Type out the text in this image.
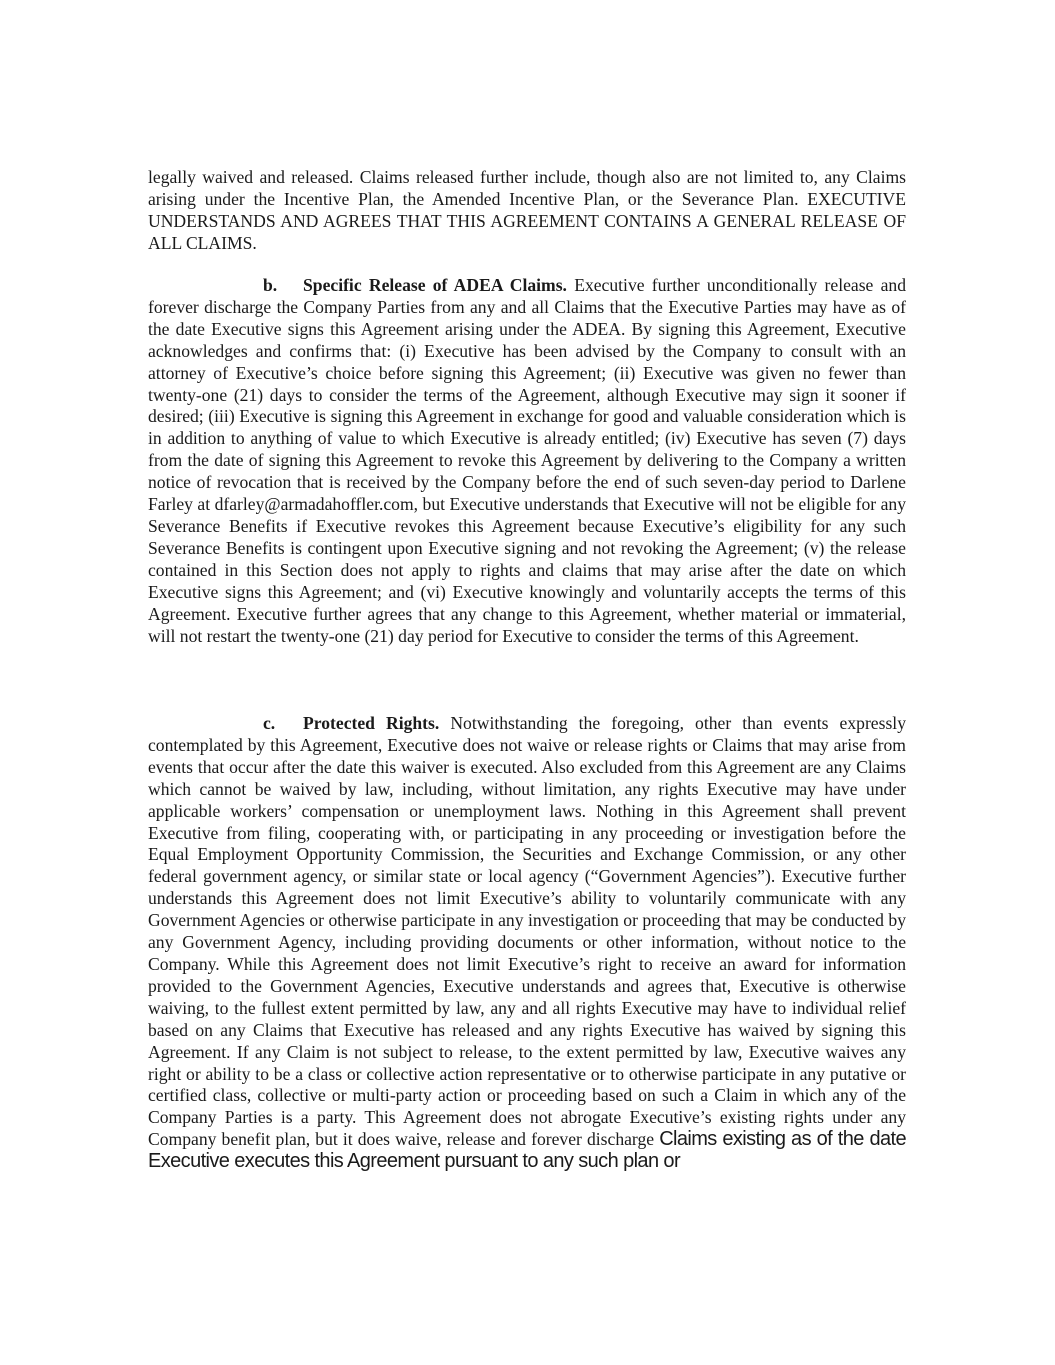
legally waived and released. Claims released further include, though also are not limited to, any Claims arising under the Incentive Plan, the Amended Incentive Plan, or the Severance Plan. EXECUTIVE UNDERSTANDS AND AGREES THAT THIS AGREEMENT CONTAINS A GENERAL RELEASE OF ALL CLAIMS.

b. Specific Release of ADEA Claims. Executive further unconditionally release and forever discharge the Company Parties from any and all Claims that the Executive Parties may have as of the date Executive signs this Agreement arising under the ADEA. By signing this Agreement, Executive acknowledges and confirms that: (i) Executive has been advised by the Company to consult with an attorney of Executive’s choice before signing this Agreement; (ii) Executive was given no fewer than twenty-one (21) days to consider the terms of the Agreement, although Executive may sign it sooner if desired; (iii) Executive is signing this Agreement in exchange for good and valuable consideration which is in addition to anything of value to which Executive is already entitled; (iv) Executive has seven (7) days from the date of signing this Agreement to revoke this Agreement by delivering to the Company a written notice of revocation that is received by the Company before the end of such seven-day period to Darlene Farley at dfarley@armadahoffler.com, but Executive understands that Executive will not be eligible for any Severance Benefits if Executive revokes this Agreement because Executive’s eligibility for any such Severance Benefits is contingent upon Executive signing and not revoking the Agreement; (v) the release contained in this Section does not apply to rights and claims that may arise after the date on which Executive signs this Agreement; and (vi) Executive knowingly and voluntarily accepts the terms of this Agreement. Executive further agrees that any change to this Agreement, whether material or immaterial, will not restart the twenty-one (21) day period for Executive to consider the terms of this Agreement.

c. Protected Rights. Notwithstanding the foregoing, other than events expressly contemplated by this Agreement, Executive does not waive or release rights or Claims that may arise from events that occur after the date this waiver is executed. Also excluded from this Agreement are any Claims which cannot be waived by law, including, without limitation, any rights Executive may have under applicable workers’ compensation or unemployment laws. Nothing in this Agreement shall prevent Executive from filing, cooperating with, or participating in any proceeding or investigation before the Equal Employment Opportunity Commission, the Securities and Exchange Commission, or any other federal government agency, or similar state or local agency (“Government Agencies”). Executive further understands this Agreement does not limit Executive’s ability to voluntarily communicate with any Government Agencies or otherwise participate in any investigation or proceeding that may be conducted by any Government Agency, including providing documents or other information, without notice to the Company. While this Agreement does not limit Executive’s right to receive an award for information provided to the Government Agencies, Executive understands and agrees that, Executive is otherwise waiving, to the fullest extent permitted by law, any and all rights Executive may have to individual relief based on any Claims that Executive has released and any rights Executive has waived by signing this Agreement. If any Claim is not subject to release, to the extent permitted by law, Executive waives any right or ability to be a class or collective action representative or to otherwise participate in any putative or certified class, collective or multi-party action or proceeding based on such a Claim in which any of the Company Parties is a party. This Agreement does not abrogate Executive’s existing rights under any Company benefit plan, but it does waive, release and forever discharge Claims existing as of the date Executive executes this Agreement pursuant to any such plan or
